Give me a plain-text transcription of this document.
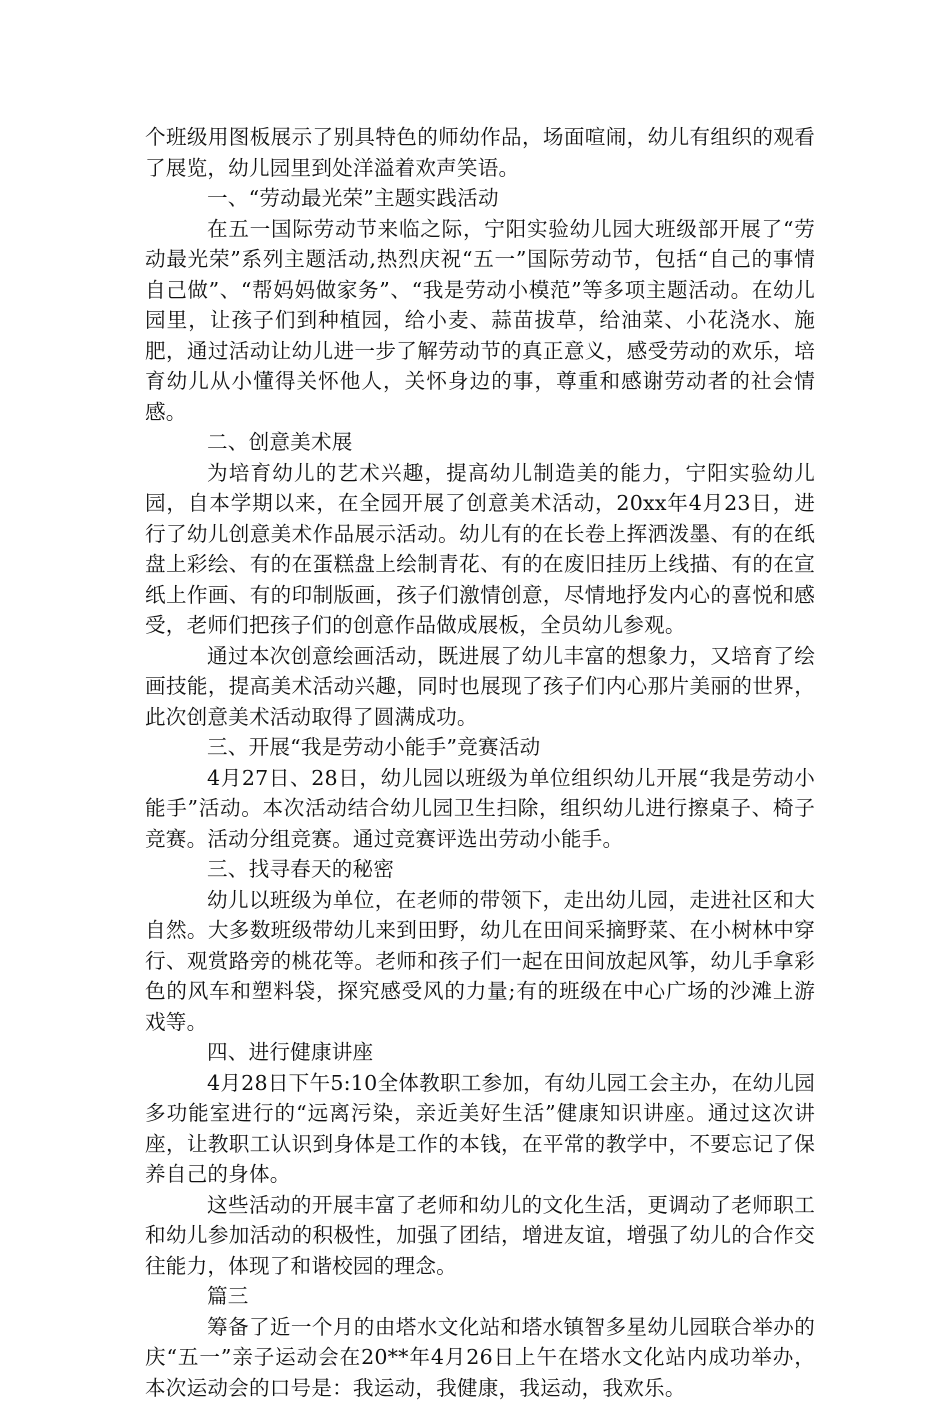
个班级用图板展示了别具特色的师幼作品，场面喧闹，幼儿有组织的观看了展览，幼儿园里到处洋溢着欢声笑语。

一、“劳动最光荣”主题实践活动

在五一国际劳动节来临之际，宁阳实验幼儿园大班级部开展了“劳动最光荣”系列主题活动,热烈庆祝“五一”国际劳动节，包括“自己的事情自己做”、“帮妈妈做家务”、“我是劳动小模范”等多项主题活动。在幼儿园里，让孩子们到种植园，给小麦、蒜苗拔草，给油菜、小花浇水、施肥，通过活动让幼儿进一步了解劳动节的真正意义，感受劳动的欢乐，培育幼儿从小懂得关怀他人，关怀身边的事，尊重和感谢劳动者的社会情感。

二、创意美术展

为培育幼儿的艺术兴趣，提高幼儿制造美的能力，宁阳实验幼儿园，自本学期以来，在全园开展了创意美术活动，20xx年4月23日，进行了幼儿创意美术作品展示活动。幼儿有的在长卷上挥洒泼墨、有的在纸盘上彩绘、有的在蛋糕盘上绘制青花、有的在废旧挂历上线描、有的在宣纸上作画、有的印制版画，孩子们激情创意，尽情地抒发内心的喜悦和感受，老师们把孩子们的创意作品做成展板，全员幼儿参观。

通过本次创意绘画活动，既进展了幼儿丰富的想象力，又培育了绘画技能，提高美术活动兴趣，同时也展现了孩子们内心那片美丽的世界，此次创意美术活动取得了圆满成功。

三、开展“我是劳动小能手”竞赛活动

4月27日、28日，幼儿园以班级为单位组织幼儿开展“我是劳动小能手”活动。本次活动结合幼儿园卫生扫除，组织幼儿进行擦桌子、椅子竞赛。活动分组竞赛。通过竞赛评选出劳动小能手。

三、找寻春天的秘密

幼儿以班级为单位，在老师的带领下，走出幼儿园，走进社区和大自然。大多数班级带幼儿来到田野，幼儿在田间采摘野菜、在小树林中穿行、观赏路旁的桃花等。老师和孩子们一起在田间放起风筝，幼儿手拿彩色的风车和塑料袋，探究感受风的力量;有的班级在中心广场的沙滩上游戏等。

四、进行健康讲座

4月28日下午5:10全体教职工参加，有幼儿园工会主办，在幼儿园多功能室进行的“远离污染，亲近美好生活”健康知识讲座。通过这次讲座，让教职工认识到身体是工作的本钱，在平常的教学中，不要忘记了保养自己的身体。

这些活动的开展丰富了老师和幼儿的文化生活，更调动了老师职工和幼儿参加活动的积极性，加强了团结，增进友谊，增强了幼儿的合作交往能力，体现了和谐校园的理念。

篇三

筹备了近一个月的由塔水文化站和塔水镇智多星幼儿园联合举办的庆“五一”亲子运动会在20**年4月26日上午在塔水文化站内成功举办，本次运动会的口号是：我运动，我健康，我运动，我欢乐。
